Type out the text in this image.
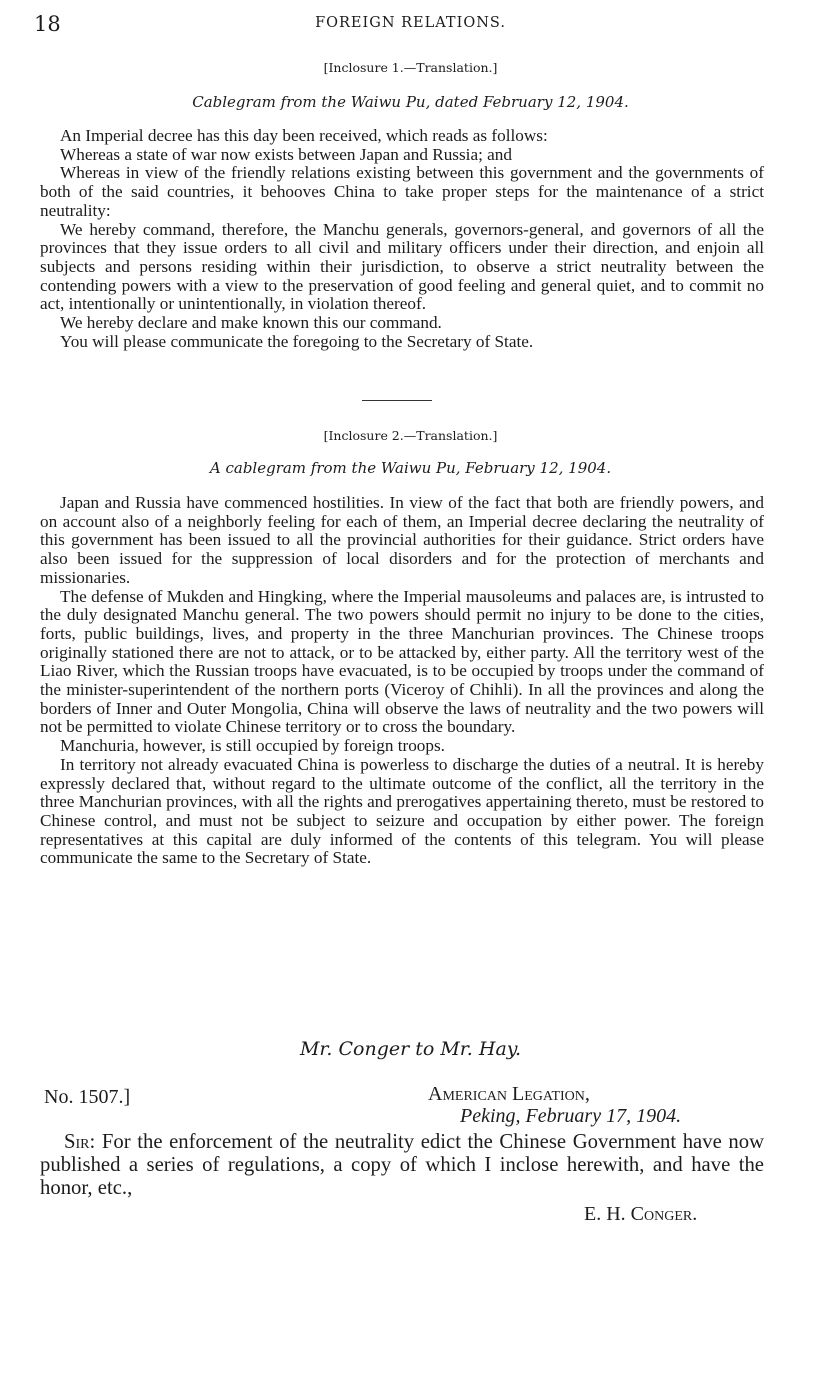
18	FOREIGN RELATIONS.
[Inclosure 1.—Translation.]
Cablegram from the Waiwu Pu, dated February 12, 1904.

An Imperial decree has this day been received, which reads as follows:

Whereas a state of war now exists between Japan and Russia; and

Whereas in view of the friendly relations existing between this government and the governments of both of the said countries, it behooves China to take proper steps for the maintenance of a strict neutrality:

We hereby command, therefore, the Manchu generals, governors-general, and governors of all the provinces that they issue orders to all civil and military officers under their direction, and enjoin all subjects and persons residing within their jurisdiction, to observe a strict neutrality between the contending powers with a view to the preservation of good feeling and general quiet, and to commit no act, intentionally or unintentionally, in violation thereof.

We hereby declare and make known this our command.

You will please communicate the foregoing to the Secretary of State.

[Inclosure 2.—Translation.]
A cablegram from the Waiwu Pu, February 12, 1904.

Japan and Russia have commenced hostilities. In view of the fact that both are friendly powers, and on account also of a neighborly feeling for each of them, an Imperial decree declaring the neutrality of this government has been issued to all the provincial authorities for their guidance. Strict orders have also been issued for the suppression of local disorders and for the protection of merchants and missionaries.

The defense of Mukden and Hingking, where the Imperial mausoleums and palaces are, is intrusted to the duly designated Manchu general. The two powers should permit no injury to be done to the cities, forts, public buildings, lives, and property in the three Manchurian provinces. The Chinese troops originally stationed there are not to attack, or to be attacked by, either party. All the territory west of the Liao River, which the Russian troops have evacuated, is to be occupied by troops under the command of the minister-superintendent of the northern ports (Viceroy of Chihli). In all the provinces and along the borders of Inner and Outer Mongolia, China will observe the laws of neutrality and the two powers will not be permitted to violate Chinese territory or to cross the boundary.

Manchuria, however, is still occupied by foreign troops.

In territory not already evacuated China is powerless to discharge the duties of a neutral. It is hereby expressly declared that, without regard to the ultimate outcome of the conflict, all the territory in the three Manchurian provinces, with all the rights and prerogatives appertaining thereto, must be restored to Chinese control, and must not be subject to seizure and occupation by either power. The foreign representatives at this capital are duly informed of the contents of this telegram. You will please communicate the same to the Secretary of State.

Mr. Conger to Mr. Hay.
No. 1507.]	American Legation,
Peking, February 17, 1904.

Sir: For the enforcement of the neutrality edict the Chinese Government have now published a series of regulations, a copy of which I inclose herewith, and have the honor, etc.,

E. H. Conger.
